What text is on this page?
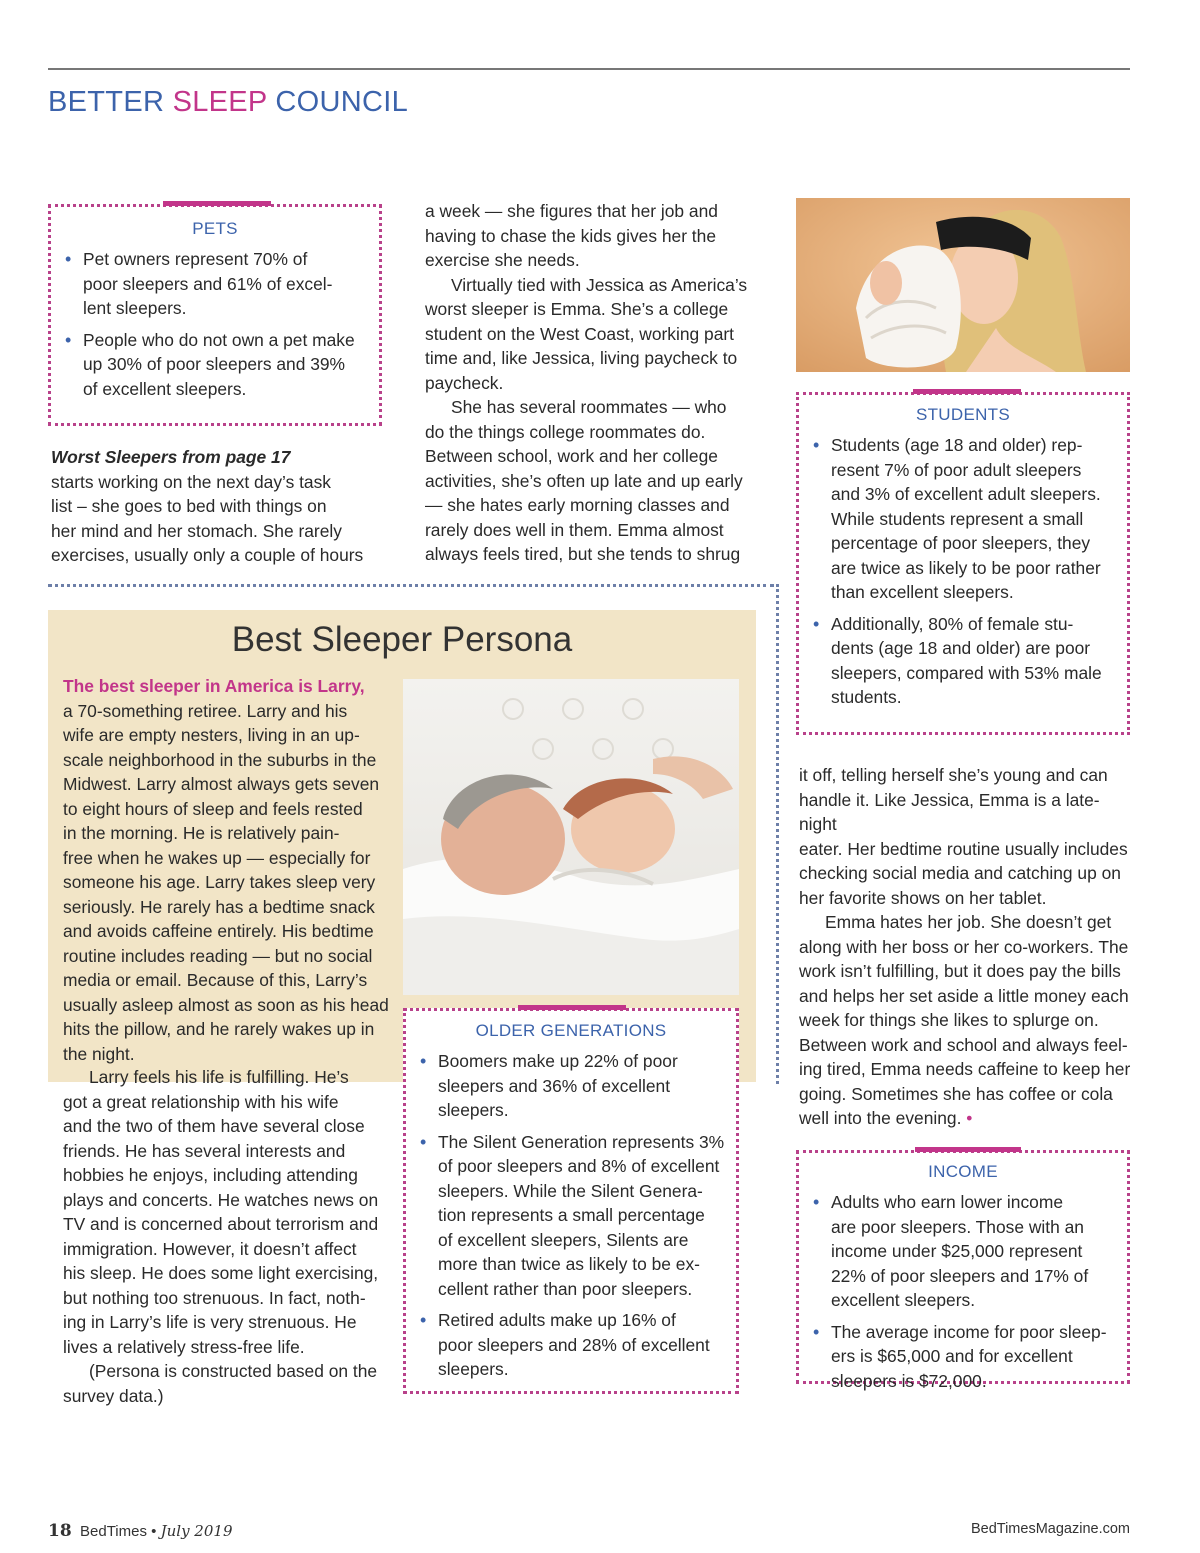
BETTER SLEEP COUNCIL
PETS
• Pet owners represent 70% of
poor sleepers and 61% of excel-
lent sleepers.
• People who do not own a pet make
up 30% of poor sleepers and 39%
of excellent sleepers.

Worst Sleepers from page 17

starts working on the next day’s task
list – she goes to bed with things on
her mind and her stomach. She rarely
exercises, usually only a couple of hours
a week — she figures that her job and
having to chase the kids gives her the
exercise she needs.
Virtually tied with Jessica as America’s
worst sleeper is Emma. She’s a college
student on the West Coast, working part
time and, like Jessica, living paycheck to
paycheck.
She has several roommates — who
do the things college roommates do.
Between school, work and her college
activities, she’s often up late and up early
— she hates early morning classes and
rarely does well in them. Emma almost
always feels tired, but she tends to shrug
STUDENTS
• Students (age 18 and older) rep-
resent 7% of poor adult sleepers
and 3% of excellent adult sleepers.
While students represent a small
percentage of poor sleepers, they
are twice as likely to be poor rather
than excellent sleepers.
• Additionally, 80% of female stu-
dents (age 18 and older) are poor
sleepers, compared with 53% male
students.
Best Sleeper Persona

The best sleeper in America is Larry,

a 70-something retiree. Larry and his
wife are empty nesters, living in an up-
scale neighborhood in the suburbs in the
Midwest. Larry almost always gets seven
to eight hours of sleep and feels rested
in the morning. He is relatively pain-
free when he wakes up — especially for
someone his age. Larry takes sleep very
seriously. He rarely has a bedtime snack
and avoids caffeine entirely. His bedtime
routine includes reading — but no social
media or email. Because of this, Larry’s
usually asleep almost as soon as his head
hits the pillow, and he rarely wakes up in
the night.
Larry feels his life is fulfilling. He’s
got a great relationship with his wife
and the two of them have several close
friends. He has several interests and
hobbies he enjoys, including attending
plays and concerts. He watches news on
TV and is concerned about terrorism and
immigration. However, it doesn’t affect
his sleep. He does some light exercising,
but nothing too strenuous. In fact, noth-
ing in Larry’s life is very strenuous. He
lives a relatively stress-free life.
(Persona is constructed based on the
survey data.)
OLDER GENERATIONS
• Boomers make up 22% of poor
sleepers and 36% of excellent
sleepers.
• The Silent Generation represents 3%
of poor sleepers and 8% of excellent
sleepers. While the Silent Genera-
tion represents a small percentage
of excellent sleepers, Silents are
more than twice as likely to be ex-
cellent rather than poor sleepers.
• Retired adults make up 16% of
poor sleepers and 28% of excellent
sleepers.
it off, telling herself she’s young and can
handle it. Like Jessica, Emma is a late-night
eater. Her bedtime routine usually includes
checking social media and catching up on
her favorite shows on her tablet.
Emma hates her job. She doesn’t get
along with her boss or her co-workers. The
work isn’t fulfilling, but it does pay the bills
and helps her set aside a little money each
week for things she likes to splurge on.
Between work and school and always feel-
ing tired, Emma needs caffeine to keep her
going. Sometimes she has coffee or cola
well into the evening. •
INCOME
• Adults who earn lower income
are poor sleepers. Those with an
income under $25,000 represent
22% of poor sleepers and 17% of
excellent sleepers.
• The average income for poor sleep-
ers is $65,000 and for excellent
sleepers is $72,000.
18 BedTimes • July 2019	BedTimesMagazine.com
